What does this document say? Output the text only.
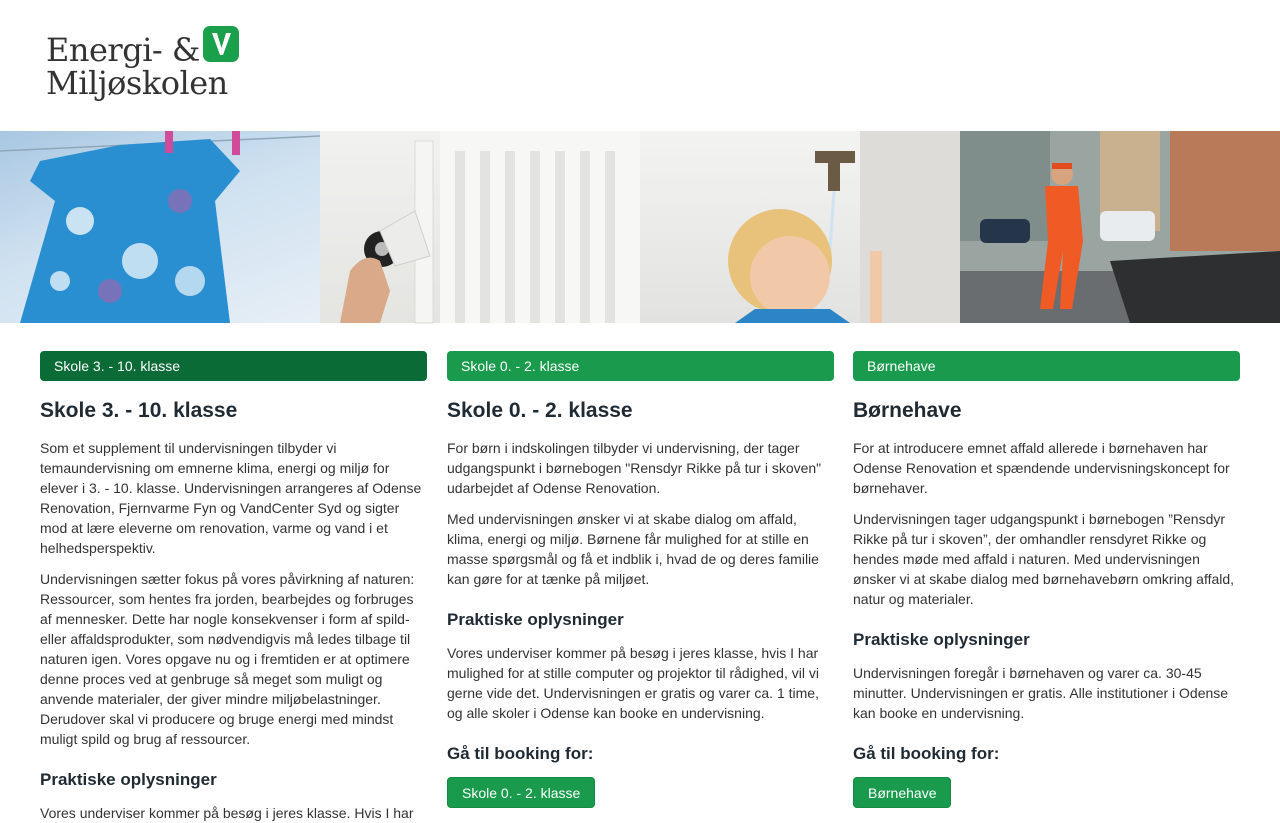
Energi- &
Miljøskolen
Skole 3. - 10. klasse
Skole 3. - 10. klasse

Som et supplement til undervisningen tilbyder vi temaundervisning om emnerne klima, energi og miljø for elever i 3. - 10. klasse. Undervisningen arrangeres af Odense Renovation, Fjernvarme Fyn og VandCenter Syd og sigter mod at lære eleverne om renovation, varme og vand i et helhedsperspektiv.

Undervisningen sætter fokus på vores påvirkning af naturen: Ressourcer, som hentes fra jorden, bearbejdes og forbruges af mennesker. Dette har nogle konsekvenser i form af spild- eller affaldsprodukter, som nødvendigvis må ledes tilbage til naturen igen. Vores opgave nu og i fremtiden er at optimere denne proces ved at genbruge så meget som muligt og anvende materialer, der giver mindre miljøbelastninger. Derudover skal vi producere og bruge energi med mindst muligt spild og brug af ressourcer.

Praktiske oplysninger

Vores underviser kommer på besøg i jeres klasse. Hvis I har

Skole 0. - 2. klasse
Skole 0. - 2. klasse

For børn i indskolingen tilbyder vi undervisning, der tager udgangspunkt i børnebogen "Rensdyr Rikke på tur i skoven" udarbejdet af Odense Renovation.

Med undervisningen ønsker vi at skabe dialog om affald, klima, energi og miljø. Børnene får mulighed for at stille en masse spørgsmål og få et indblik i, hvad de og deres familie kan gøre for at tænke på miljøet.

Praktiske oplysninger

Vores underviser kommer på besøg i jeres klasse, hvis I har mulighed for at stille computer og projektor til rådighed, vil vi gerne vide det. Undervisningen er gratis og varer ca. 1 time, og alle skoler i Odense kan booke en undervisning.

Gå til booking for:
Skole 0. - 2. klasse
Børnehave
Børnehave

For at introducere emnet affald allerede i børnehaven har Odense Renovation et spændende undervisningskoncept for børnehaver.

Undervisningen tager udgangspunkt i børnebogen ”Rensdyr Rikke på tur i skoven”, der omhandler rensdyret Rikke og hendes møde med affald i naturen. Med undervisningen ønsker vi at skabe dialog med børnehavebørn omkring affald, natur og materialer.

Praktiske oplysninger

Undervisningen foregår i børnehaven og varer ca. 30-45 minutter. Undervisningen er gratis. Alle institutioner i Odense kan booke en undervisning.

Gå til booking for:
Børnehave
